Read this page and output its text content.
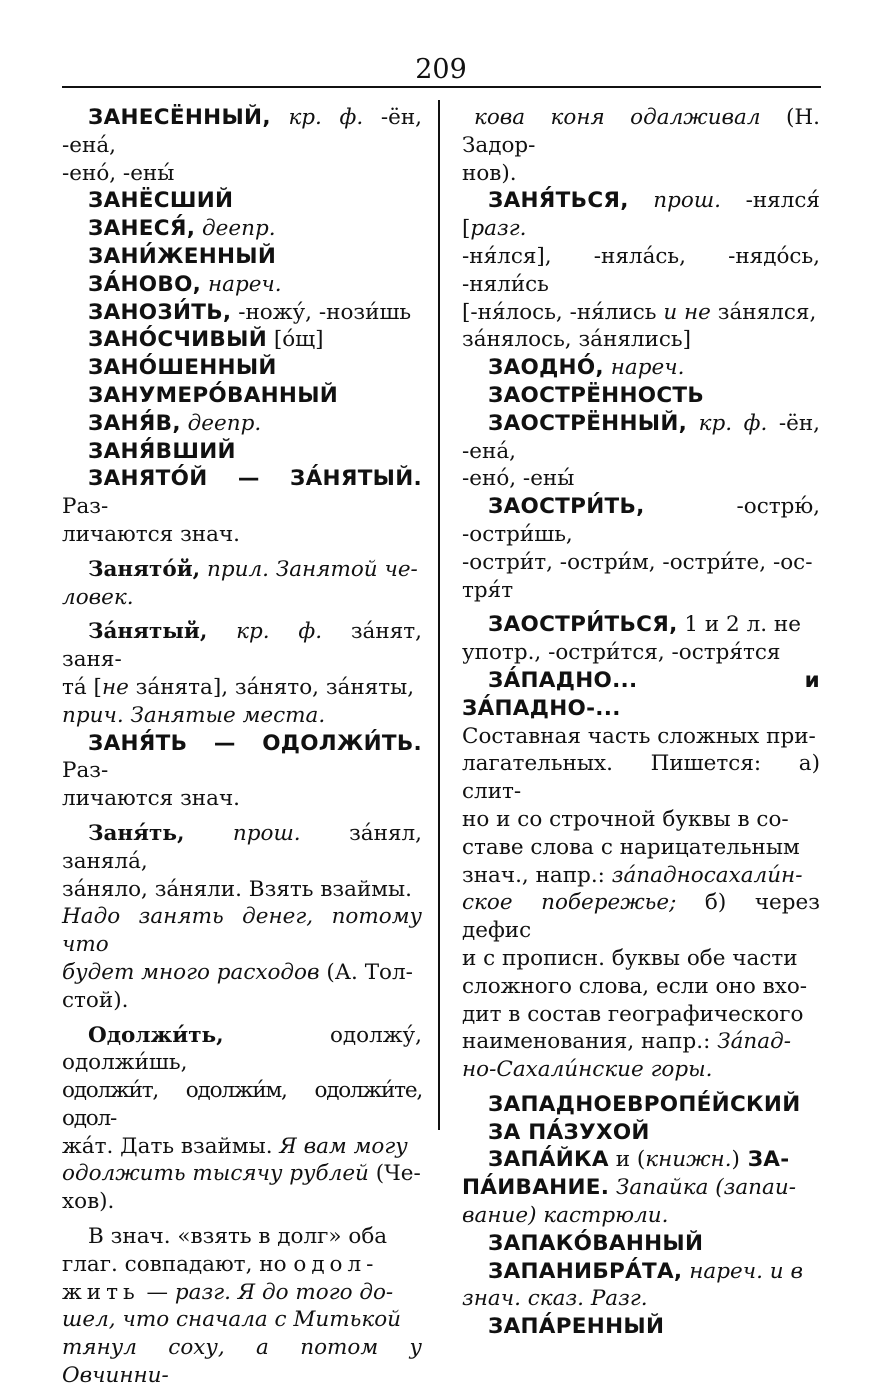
209

ЗАНЕСЁННЫЙ, кр. ф. -ён, -ена́,
-ено́, -ены́

ЗАНЁСШИЙ

ЗАНЕСЯ́, деепр.

ЗАНИ́ЖЕННЫЙ

ЗА́НОВО, нареч.

ЗАНОЗИ́ТЬ, -ножу́, -нози́шь

ЗАНО́СЧИВЫЙ [о́щ]

ЗАНО́ШЕННЫЙ

ЗАНУМЕРО́ВАННЫЙ

ЗАНЯ́В, деепр.

ЗАНЯ́ВШИЙ

ЗАНЯТО́Й — ЗА́НЯТЫЙ. Раз-
личаются знач.

Занято́й, прил. Занятой че-
ловек.

За́нятый, кр. ф. за́нят, заня-
та́ [не за́нята], за́нято, за́няты,
прич. Занятые места.

ЗАНЯ́ТЬ — ОДОЛЖИ́ТЬ. Раз-
личаются знач.

Заня́ть, прош. за́нял, заняла́,
за́няло, за́няли. Взять взаймы.
Надо занять денег, потому что
будет много расходов (А. Тол-
стой).

Одолжи́ть, одолжу́, одолжи́шь,
одолжи́т, одолжи́м, одолжи́те, одол-
жа́т. Дать взаймы. Я вам могу
одолжить тысячу рублей (Че-
хов).

В знач. «взять в долг» оба
глаг. совпадают, но одол-
жить — разг. Я до того до-
шел, что сначала с Митькой
тянул соху, а потом у Овчинни-

кова коня одалживал (Н. Задор-
нов).

ЗАНЯ́ТЬСЯ, прош. -нялся́ [разг.
-ня́лся], -няла́сь, -нядо́сь, -няли́сь
[-ня́лось, -ня́лись и не за́нялся,
за́нялось, за́нялись]

ЗАОДНО́, нареч.

ЗАОСТРЁННОСТЬ

ЗАОСТРЁННЫЙ, кр. ф. -ён, -ена́,
-ено́, -ены́

ЗАОСТРИ́ТЬ, -острю́, -остри́шь,
-остри́т, -остри́м, -остри́те, -ос-
тря́т

ЗАОСТРИ́ТЬСЯ, 1 и 2 л. не
употр., -остри́тся, -остря́тся

ЗА́ПАДНО... и ЗА́ПАДНО-...
Составная часть сложных при-
лагательных. Пишется: а) слит-
но и со строчной буквы в со-
ставе слова с нарицательным
знач., напр.: за́падносахали́н-
ское побережье; б) через дефис
и с прописн. буквы обе части
сложного слова, если оно вхо-
дит в состав географического
наименования, напр.: За́пад-
но-Сахали́нские горы.

ЗАПАДНОЕВРОПЕ́ЙСКИЙ

ЗА ПА́ЗУХОЙ

ЗАПА́ЙКА и (книжн.) ЗА-
ПА́ИВАНИЕ. Запайка (запаи-
вание) кастрюли.

ЗАПАКО́ВАННЫЙ

ЗАПАНИБРА́ТА, нареч. и в
знач. сказ. Разг.

ЗАПА́РЕННЫЙ
